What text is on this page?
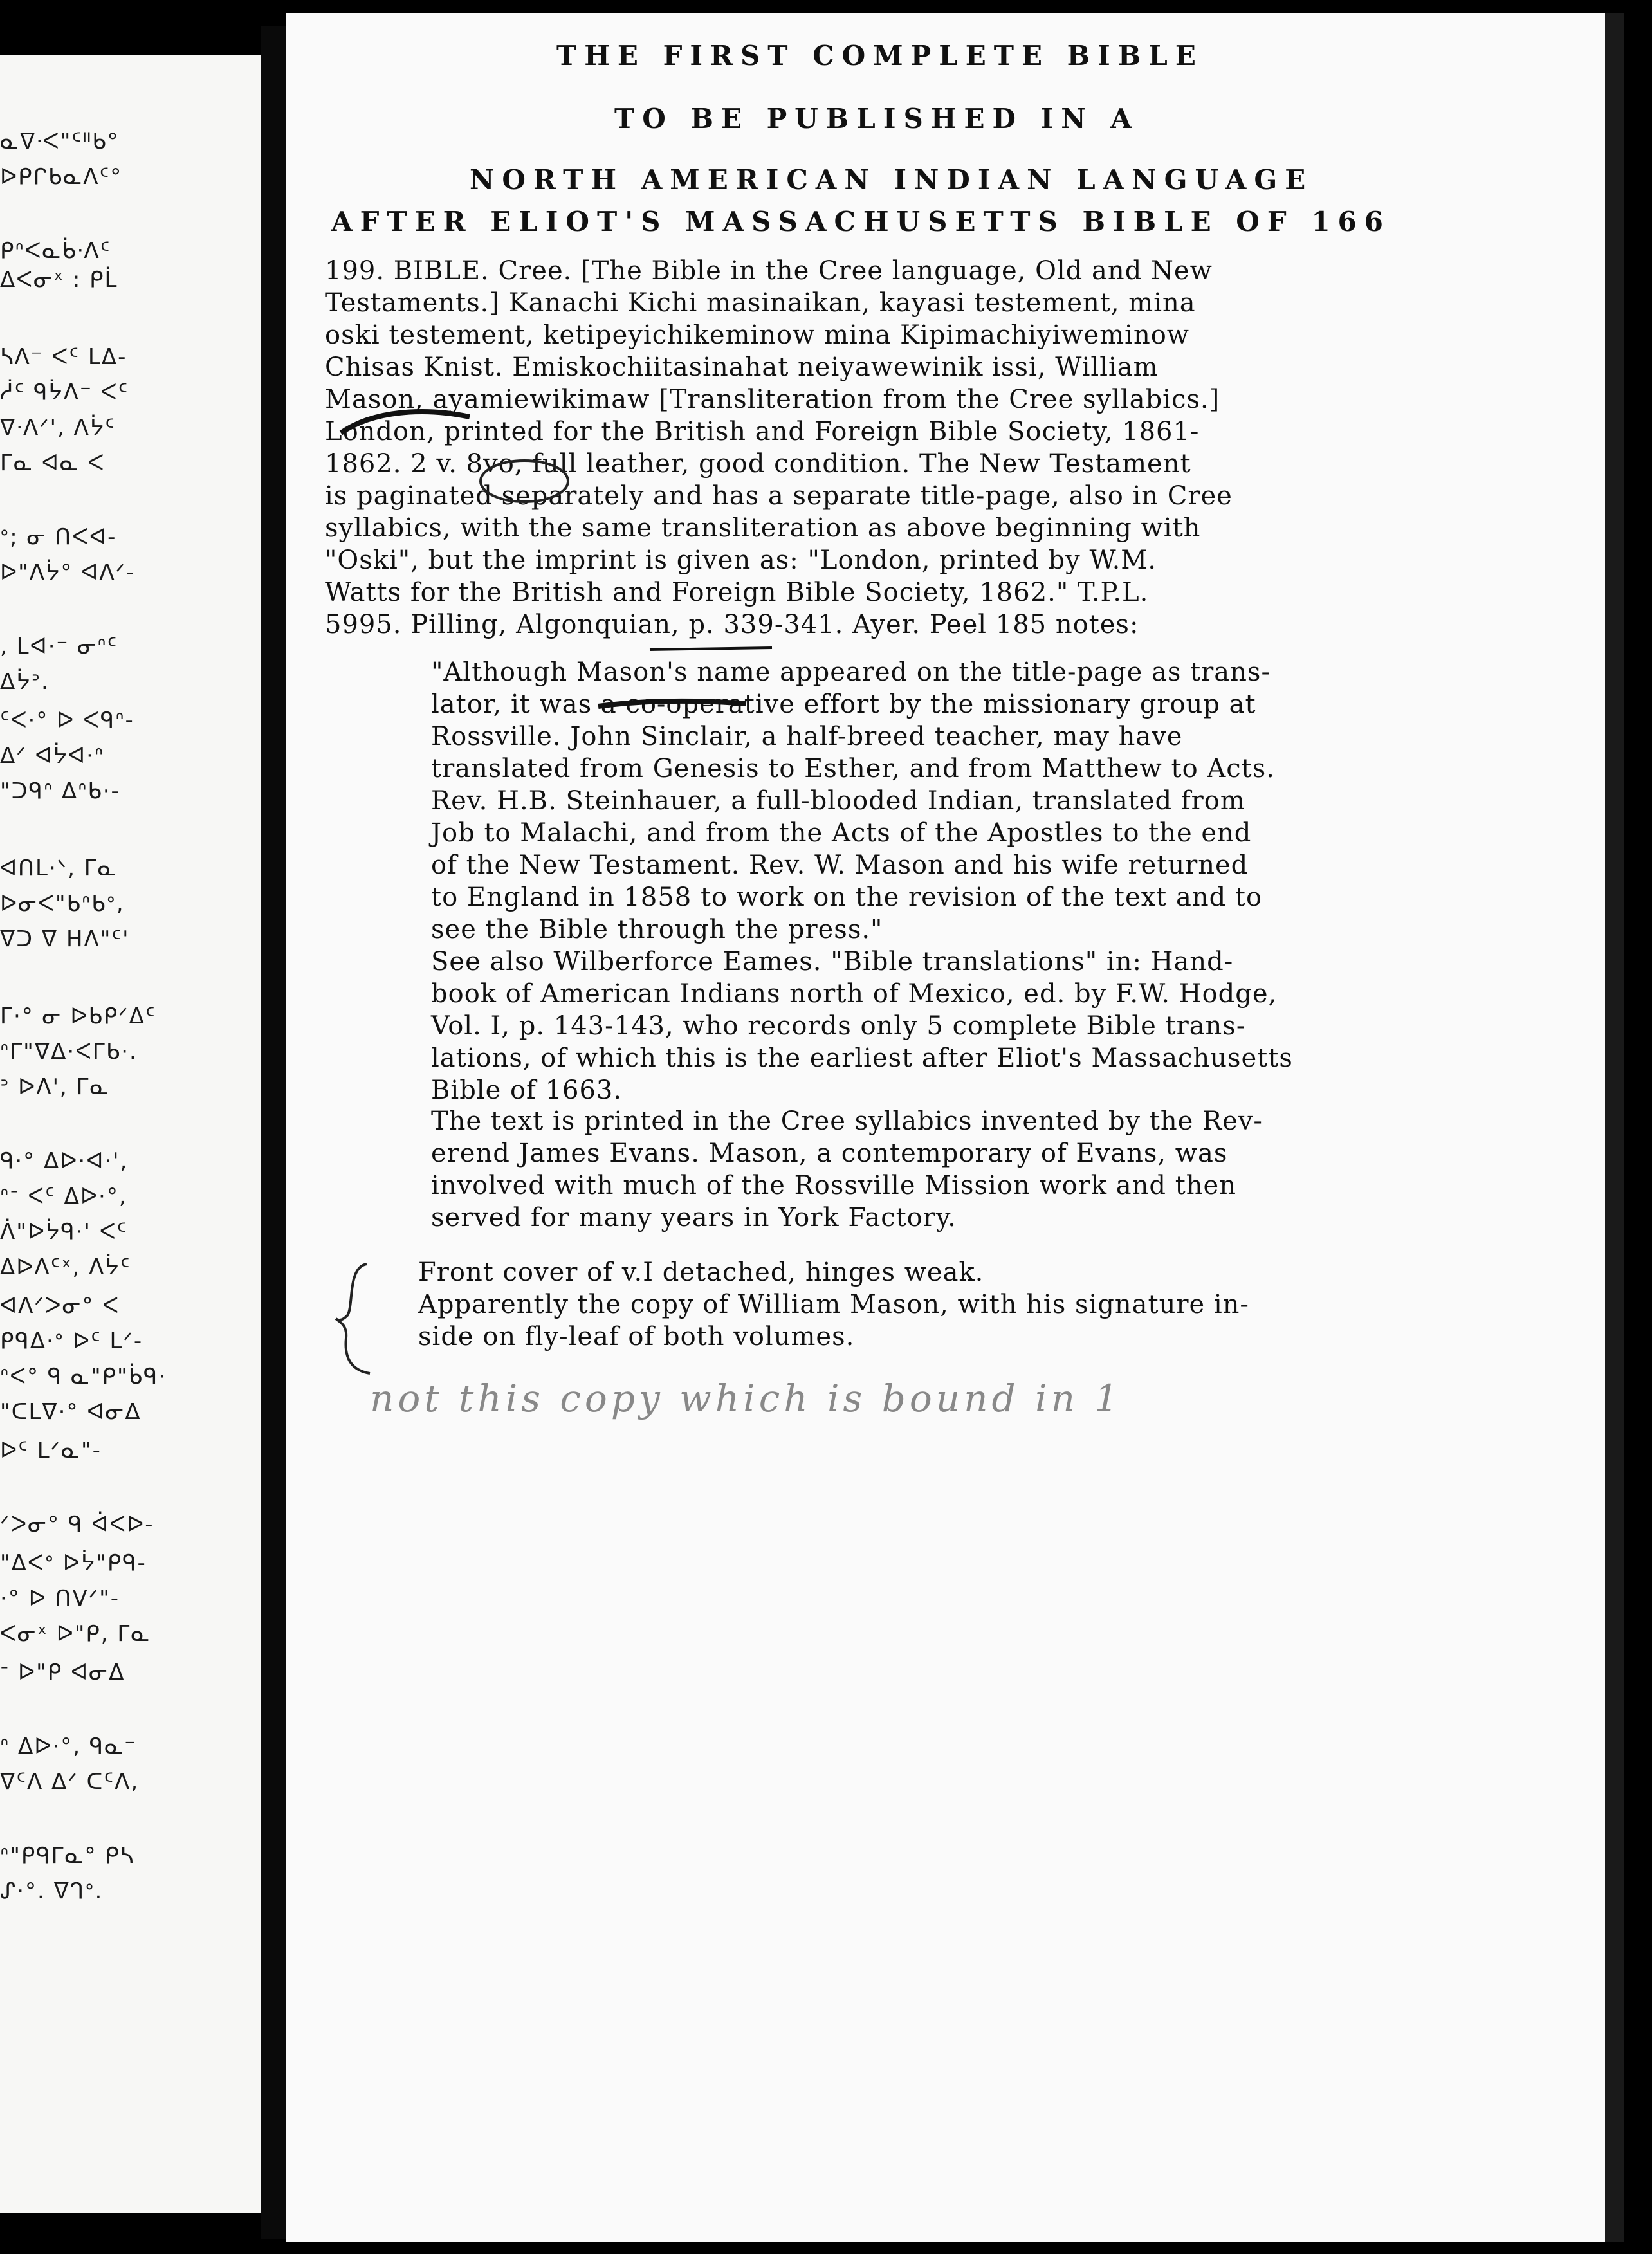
ᓇᐁᐧᐸ"ᑦᐦᑲ°
ᐅᑭᒋᑲᓇᐱᑦ°
ᑭᐢᐸᓇᑳᐧᐱᑦ
ᐃᐸᓂˣ : ᑭᒫ
ᓴᐱ⁻ ᐸᑦ ᒪᐃ-
ᓲᑦ ᑫᔮᐱ⁻ ᐸᑦ
ᐁᐧᐱᐟ', ᐱᔮᑦ
ᒥᓇ ᐊᓇ ᐸ
ᐤ; ᓂ ᑎᐸᐊ-
ᐅ"ᐱᔮ° ᐊᐱᐟ-
, ᒪᐊ·⁻ ᓂᐢᑦ
ᐃᔮᐣ.
ᑦᐸ·° ᐅ ᐸᑫᐢ-
ᐃᐟ ᐊᔮᐊ·ᐢ
"ᑐᑫᐢ ᐃᐢᑲ·-
ᐊᑎᒪ·ᐠ, ᒥᓇ
ᐅᓂᐸ"ᑲᐢᑲᐤ,
ᐁᑐ ᐁ ᕼᐱ"ᑦ'
ᒥ·° ᓂ ᐅᑲᑭᐟᐃᑦ
ᐢᒥ"ᐁᐃ·ᐸᒥᑲ·.
ᐣ ᐅᐱ', ᒥᓇ
ᑫ·° ᐃᐅ·ᐊ·',
ᐢᐨ ᐸᑦ ᐃᐅ·°,
ᐲ"ᐅᔮᑫ·' ᐸᑦ
ᐃᐅᐱᑦˣ, ᐱᔮᑦ
ᐊᐱᐟᐳᓂ° ᐸ
ᑭᑫᐃ·ᐤ ᐅᑦ ᒪᐟ-
ᐢᐸ° ᑫ ᓇ"ᑭ"ᑳᑫ·
"ᑕᒪᐁ·° ᐊᓂᐃ
ᐅᑦ ᒪᐟᓇ"-
ᐟᐳᓂ° ᑫ ᐋᐸᐅ-
"ᐃᐸᐤ ᐅᔮ"ᑭᑫ-
·° ᐅ ᑎᐯᐟ"-
ᐸᓂˣ ᐅ"ᑭ, ᒥᓇ
ᐨ ᐅ"ᑭ ᐊᓂᐃ
ᐢ ᐃᐅ·°, ᑫᓇ⁻
ᐁᑦᐱ ᐃᐟ ᑕᑦᐱ,
ᐢ"ᑭᑫᒥᓇ° ᑭᓴ
ᔑ·°. ᐁᒉᐤ.
THE FIRST COMPLETE BIBLE
TO BE PUBLISHED IN A
NORTH AMERICAN INDIAN LANGUAGE
AFTER ELIOT'S MASSACHUSETTS BIBLE OF 166
199. BIBLE. Cree. [The Bible in the Cree language, Old and New
Testaments.] Kanachi Kichi masinaikan, kayasi testement, mina
oski testement, ketipeyichikeminow mina Kipimachiyiweminow
Chisas Knist. Emiskochiitasinahat neiyawewinik issi, William
Mason, ayamiewikimaw [Transliteration from the Cree syllabics.]
London, printed for the British and Foreign Bible Society, 1861-
1862. 2 v. 8vo, full leather, good condition. The New Testament
is paginated separately and has a separate title-page, also in Cree
syllabics, with the same transliteration as above beginning with
"Oski", but the imprint is given as: "London, printed by W.M.
Watts for the British and Foreign Bible Society, 1862." T.P.L.
5995. Pilling, Algonquian, p. 339-341. Ayer. Peel 185 notes:
"Although Mason's name appeared on the title-page as trans-
lator, it was a co-operative effort by the missionary group at
Rossville. John Sinclair, a half-breed teacher, may have
translated from Genesis to Esther, and from Matthew to Acts.
Rev. H.B. Steinhauer, a full-blooded Indian, translated from
Job to Malachi, and from the Acts of the Apostles to the end
of the New Testament. Rev. W. Mason and his wife returned
to England in 1858 to work on the revision of the text and to
see the Bible through the press."
See also Wilberforce Eames. "Bible translations" in: Hand-
book of American Indians north of Mexico, ed. by F.W. Hodge,
Vol. I, p. 143-143, who records only 5 complete Bible trans-
lations, of which this is the earliest after Eliot's Massachusetts
Bible of 1663.
The text is printed in the Cree syllabics invented by the Rev-
erend James Evans. Mason, a contemporary of Evans, was
involved with much of the Rossville Mission work and then
served for many years in York Factory.
Front cover of v.I detached, hinges weak.
Apparently the copy of William Mason, with his signature in-
side on fly-leaf of both volumes.
not this copy which is bound in 1
